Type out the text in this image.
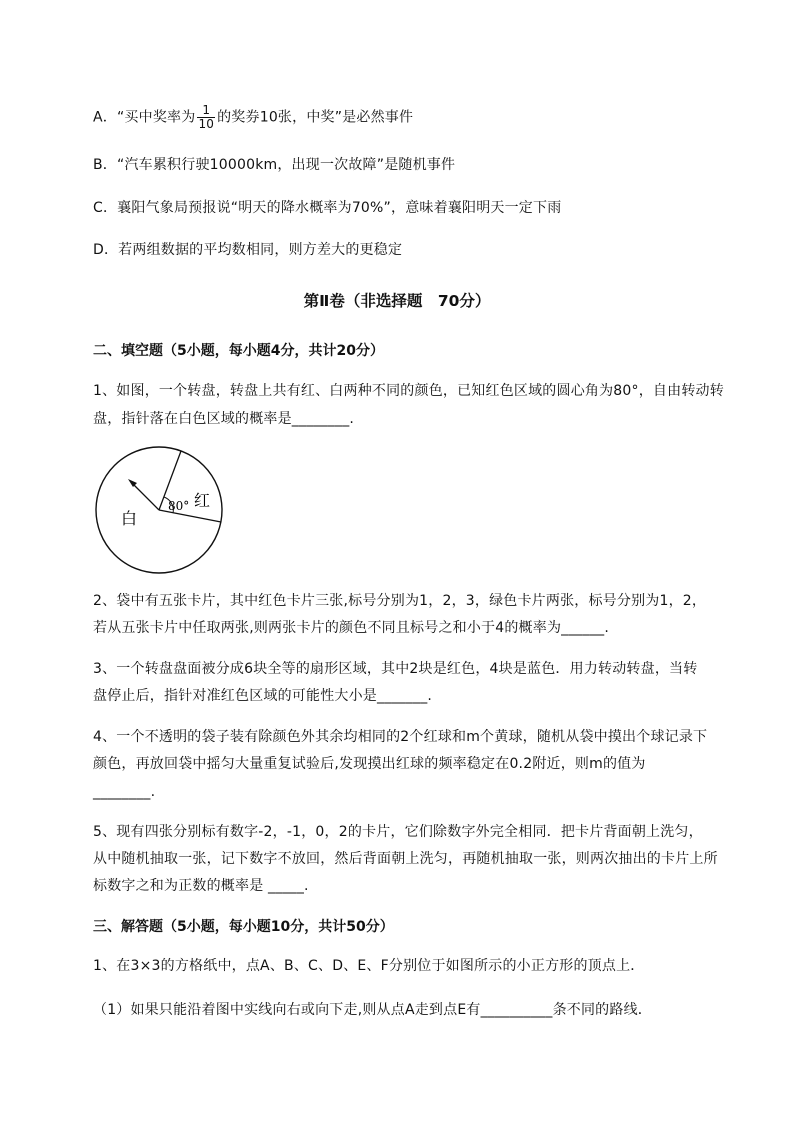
A．“买中奖率为 $\frac{1}{10}$ 的奖券10张，中奖”是必然事件
B．“汽车累积行驶10000km，出现一次故障”是随机事件
C．襄阳气象局预报说“明天的降水概率为70%”，意味着襄阳明天一定下雨
D．若两组数据的平均数相同，则方差大的更稳定
第Ⅱ卷（非选择题　70分）
二、填空题（5小题，每小题4分，共计20分）
1、如图，一个转盘，转盘上共有红、白两种不同的颜色，已知红色区域的圆心角为80°，自由转动转
盘，指针落在白色区域的概率是________.
80° 红
白
2、袋中有五张卡片，其中红色卡片三张,标号分别为1，2，3，绿色卡片两张，标号分别为1，2，
若从五张卡片中任取两张,则两张卡片的颜色不同且标号之和小于4的概率为______.
3、一个转盘盘面被分成6块全等的扇形区域，其中2块是红色，4块是蓝色．用力转动转盘，当转
盘停止后，指针对准红色区域的可能性大小是_______.
4、一个不透明的袋子装有除颜色外其余均相同的2个红球和m个黄球，随机从袋中摸出个球记录下
颜色，再放回袋中摇匀大量重复试验后,发现摸出红球的频率稳定在0.2附近，则m的值为
________.
5、现有四张分别标有数字-2，-1，0，2的卡片，它们除数字外完全相同．把卡片背面朝上洗匀，
从中随机抽取一张，记下数字不放回，然后背面朝上洗匀，再随机抽取一张，则两次抽出的卡片上所
标数字之和为正数的概率是 _____.
三、解答题（5小题，每小题10分，共计50分）
1、在3×3的方格纸中，点A、B、C、D、E、F分别位于如图所示的小正方形的顶点上．
（1）如果只能沿着图中实线向右或向下走,则从点A走到点E有__________条不同的路线．
